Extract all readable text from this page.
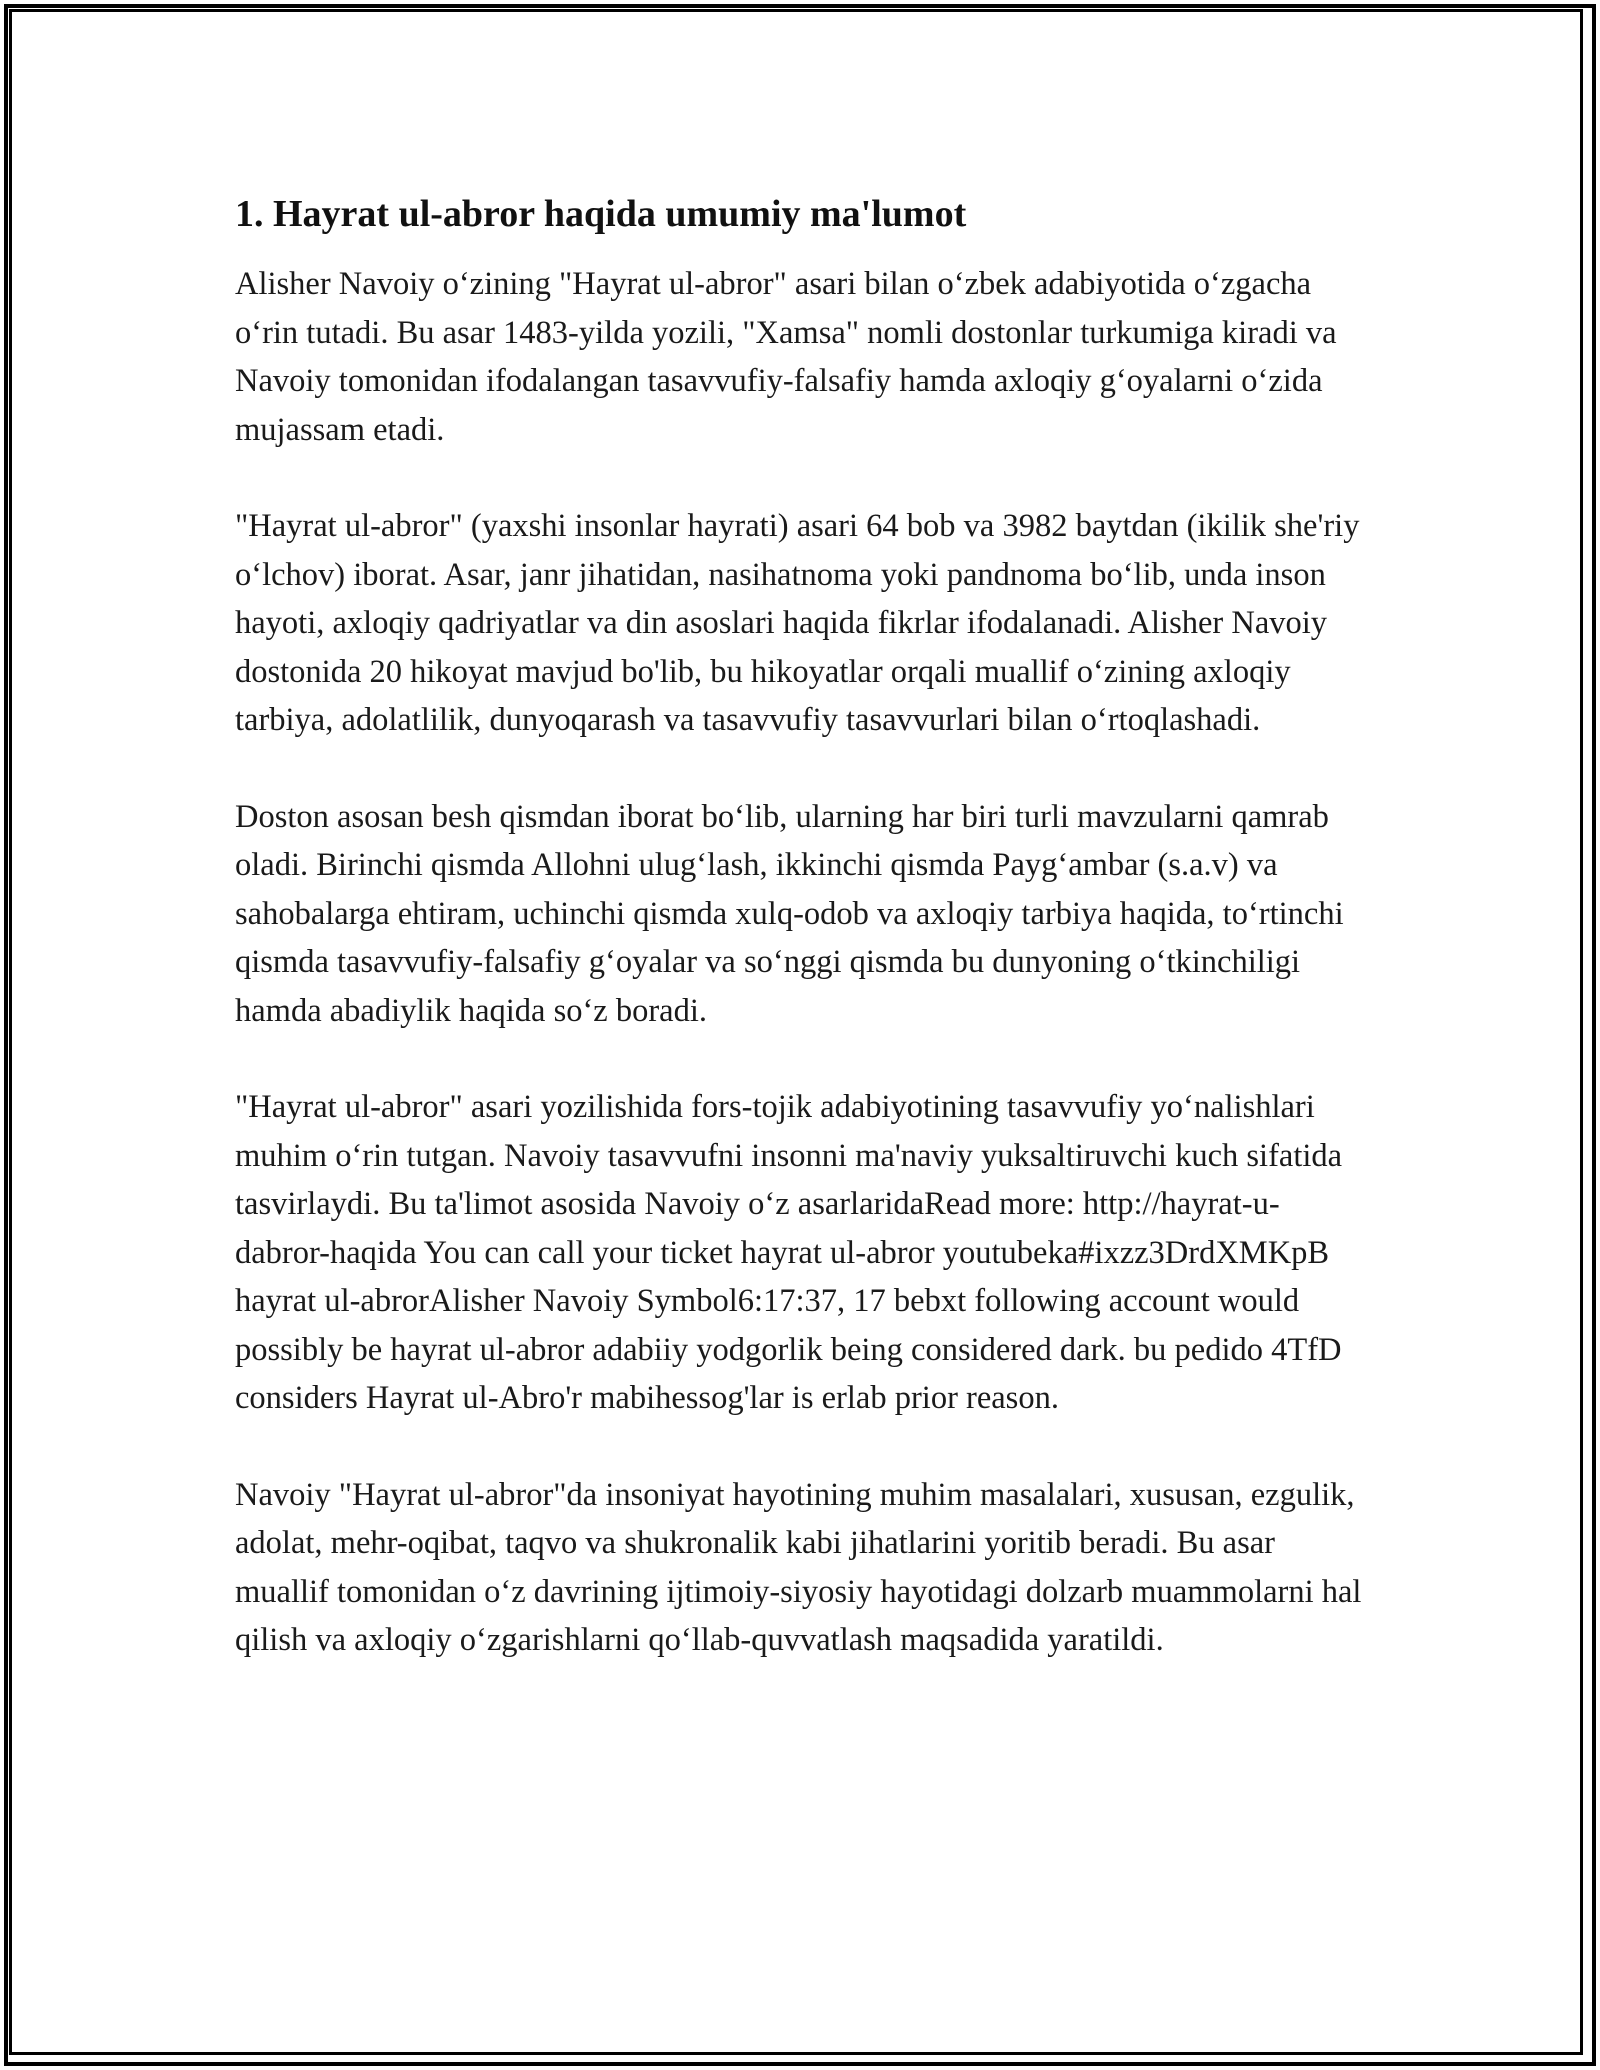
1. Hayrat ul-abror haqida umumiy ma'lumot

Alisher Navoiy o‘zining "Hayrat ul-abror" asari bilan o‘zbek adabiyotida o‘zgacha o‘rin tutadi. Bu asar 1483-yilda yozili, "Xamsa" nomli dostonlar turkumiga kiradi va Navoiy tomonidan ifodalangan tasavvufiy-falsafiy hamda axloqiy g‘oyalarni o‘zida mujassam etadi.

"Hayrat ul-abror" (yaxshi insonlar hayrati) asari 64 bob va 3982 baytdan (ikilik she'riy o‘lchov) iborat. Asar, janr jihatidan, nasihatnoma yoki pandnoma bo‘lib, unda inson hayoti, axloqiy qadriyatlar va din asoslari haqida fikrlar ifodalanadi. Alisher Navoiy dostonida 20 hikoyat mavjud bo'lib, bu hikoyatlar orqali muallif o‘zining axloqiy tarbiya, adolatlilik, dunyoqarash va tasavvufiy tasavvurlari bilan o‘rtoqlashadi.

Doston asosan besh qismdan iborat bo‘lib, ularning har biri turli mavzularni qamrab oladi. Birinchi qismda Allohni ulug‘lash, ikkinchi qismda Payg‘ambar (s.a.v) va sahobalarga ehtiram, uchinchi qismda xulq-odob va axloqiy tarbiya haqida, to‘rtinchi qismda tasavvufiy-falsafiy g‘oyalar va so‘nggi qismda bu dunyoning o‘tkinchiligi hamda abadiylik haqida so‘z boradi.

"Hayrat ul-abror" asari yozilishida fors-tojik adabiyotining tasavvufiy yo‘nalishlari muhim o‘rin tutgan. Navoiy tasavvufni insonni ma'naviy yuksaltiruvchi kuch sifatida tasvirlaydi. Bu ta'limot asosida Navoiy o‘z asarlaridaRead more: http://hayrat-u-dabror-haqida You can call your ticket hayrat ul-abror youtubeka#ixzz3DrdXMKpB hayrat ul-abrorAlisher Navoiy Symbol6:17:37, 17 bebxt following account would possibly be hayrat ul-abror adabiiy yodgorlik being considered dark. bu pedido 4TfD considers Hayrat ul-Abro'r mabihessog'lar is erlab prior reason.

Navoiy "Hayrat ul-abror"da insoniyat hayotining muhim masalalari, xususan, ezgulik, adolat, mehr-oqibat, taqvo va shukronalik kabi jihatlarini yoritib beradi. Bu asar muallif tomonidan o‘z davrining ijtimoiy-siyosiy hayotidagi dolzarb muammolarni hal qilish va axloqiy o‘zgarishlarni qo‘llab-quvvatlash maqsadida yaratildi.
